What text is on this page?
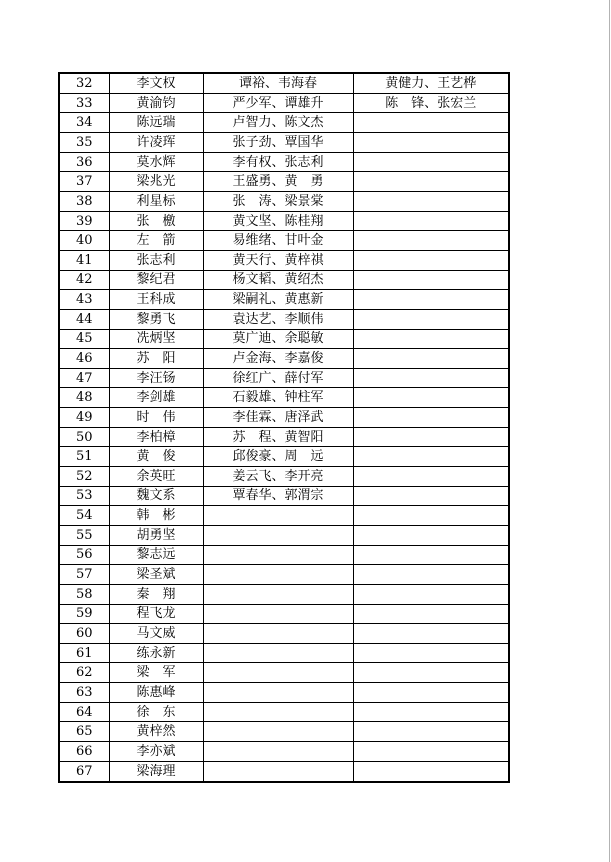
32	李文权	谭裕、韦海春	黄健力、王艺桦
33	黄渝钧	严少军、谭雄升	陈　锋、张宏兰
34	陈远瑞	卢智力、陈文杰	
35	许凌珲	张子劲、覃国华	
36	莫水辉	李有权、张志利	
37	梁兆光	王盛勇、黄　勇	
38	利星标	张　涛、梁景棠	
39	张　檄	黄文坚、陈桂翔	
40	左　箭	易维绪、甘叶金	
41	张志利	黄天行、黄梓祺	
42	黎纪君	杨文韬、黄绍杰	
43	王科成	梁嗣礼、黄惠新	
44	黎勇飞	袁达艺、李顺伟	
45	冼炳坚	莫广迪、余聪敏	
46	苏　阳	卢金海、李嘉俊	
47	李汪钖	徐红广、薛付军	
48	李剑雄	石毅雄、钟柱军	
49	时　伟	李佳霖、唐泽武	
50	李柏樟	苏　程、黄智阳	
51	黄　俊	邱俊豪、周　远	
52	余英旺	姜云飞、李开亮	
53	魏文系	覃春华、郭渭宗	
54	韩　彬		
55	胡勇坚		
56	黎志远		
57	梁圣斌		
58	秦　翔		
59	程飞龙		
60	马文威		
61	练永新		
62	梁　军		
63	陈惠峰		
64	徐　东		
65	黄梓然		
66	李亦斌		
67	梁海理		
